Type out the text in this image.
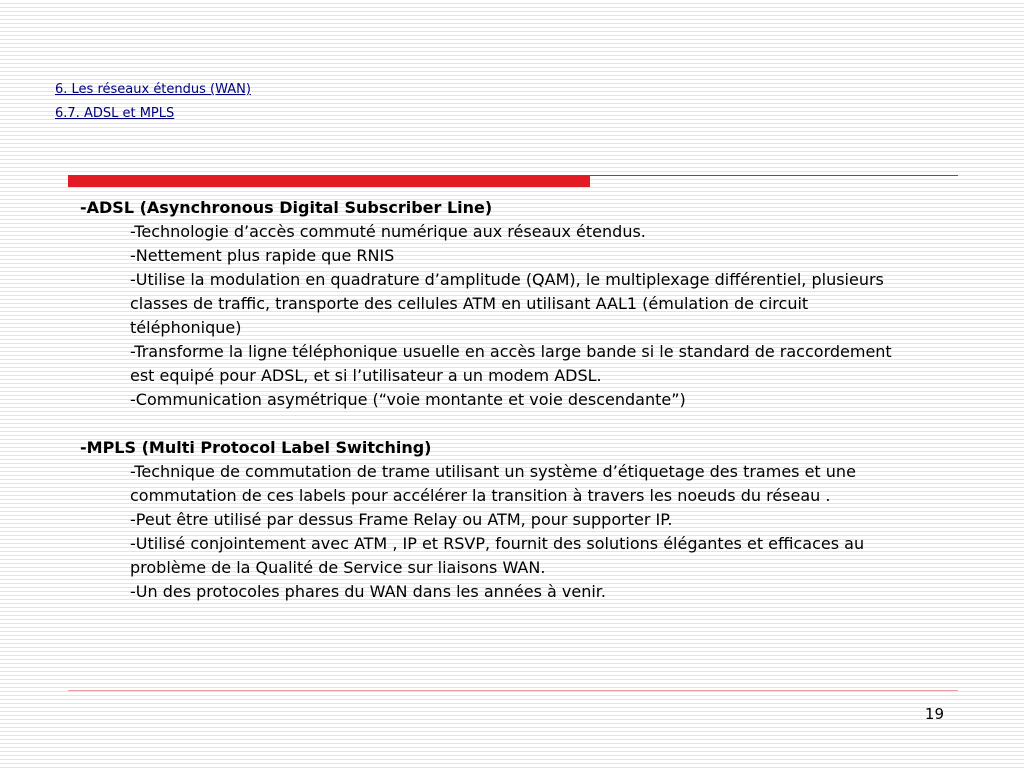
6. Les réseaux étendus (WAN)
6.7. ADSL et MPLS
-ADSL (Asynchronous Digital Subscriber Line)
-Technologie d’accès commuté numérique aux réseaux étendus.
-Nettement plus rapide que RNIS
-Utilise la modulation en quadrature d’amplitude (QAM), le multiplexage différentiel, plusieurs classes de traffic, transporte des cellules ATM en utilisant AAL1 (émulation de circuit téléphonique)
-Transforme la ligne téléphonique usuelle en accès large bande si le standard de raccordement est equipé pour ADSL, et si l’utilisateur a un modem ADSL.
-Communication asymétrique (“voie montante et voie descendante”)
-MPLS (Multi Protocol Label Switching)
-Technique de commutation de trame utilisant un système d’étiquetage des trames et une commutation de ces labels pour accélérer la transition à travers les noeuds du réseau .
-Peut être utilisé par dessus Frame Relay ou ATM, pour supporter IP.
-Utilisé conjointement avec ATM , IP et RSVP, fournit des solutions élégantes et efficaces au problème de la Qualité de Service sur liaisons WAN.
-Un des protocoles phares du WAN dans les années à venir.
19
